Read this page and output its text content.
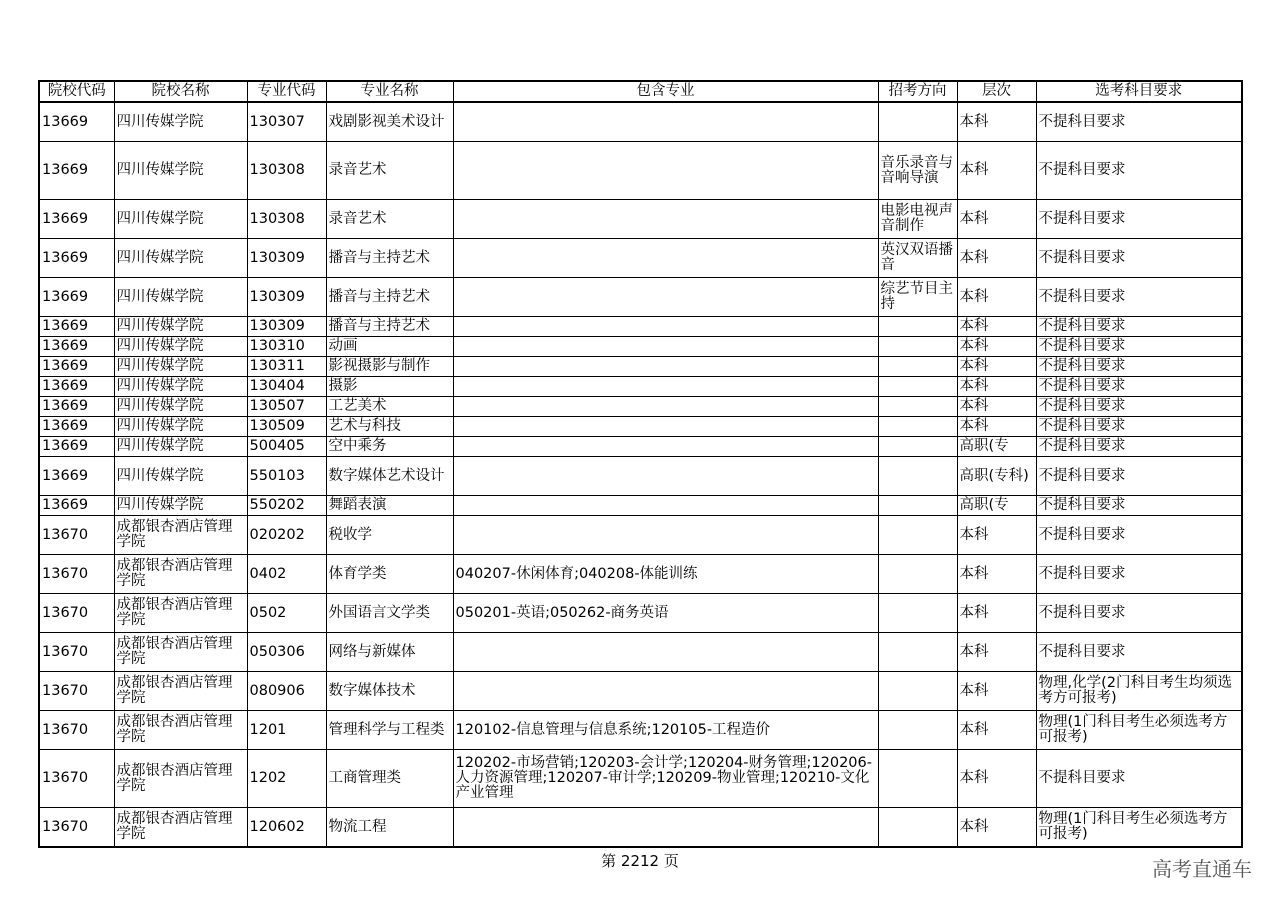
院校代码	院校名称	专业代码	专业名称	包含专业	招考方向	层次	选考科目要求
13669	四川传媒学院	130307	戏剧影视美术设计			本科	不提科目要求
13669	四川传媒学院	130308	录音艺术		音乐录音与音响导演	本科	不提科目要求
13669	四川传媒学院	130308	录音艺术		电影电视声音制作	本科	不提科目要求
13669	四川传媒学院	130309	播音与主持艺术		英汉双语播音	本科	不提科目要求
13669	四川传媒学院	130309	播音与主持艺术		综艺节目主持	本科	不提科目要求
13669	四川传媒学院	130309	播音与主持艺术			本科	不提科目要求
13669	四川传媒学院	130310	动画			本科	不提科目要求
13669	四川传媒学院	130311	影视摄影与制作			本科	不提科目要求
13669	四川传媒学院	130404	摄影			本科	不提科目要求
13669	四川传媒学院	130507	工艺美术			本科	不提科目要求
13669	四川传媒学院	130509	艺术与科技			本科	不提科目要求
13669	四川传媒学院	500405	空中乘务			高职(专	不提科目要求
13669	四川传媒学院	550103	数字媒体艺术设计			高职(专科)	不提科目要求
13669	四川传媒学院	550202	舞蹈表演			高职(专	不提科目要求
13670	成都银杏酒店管理学院	020202	税收学			本科	不提科目要求
13670	成都银杏酒店管理学院	0402	体育学类	040207-休闲体育;040208-体能训练		本科	不提科目要求
13670	成都银杏酒店管理学院	0502	外国语言文学类	050201-英语;050262-商务英语		本科	不提科目要求
13670	成都银杏酒店管理学院	050306	网络与新媒体			本科	不提科目要求
13670	成都银杏酒店管理学院	080906	数字媒体技术			本科	物理,化学(2门科目考生均须选考方可报考)
13670	成都银杏酒店管理学院	1201	管理科学与工程类	120102-信息管理与信息系统;120105-工程造价		本科	物理(1门科目考生必须选考方可报考)
13670	成都银杏酒店管理学院	1202	工商管理类	120202-市场营销;120203-会计学;120204-财务管理;120206-人力资源管理;120207-审计学;120209-物业管理;120210-文化产业管理		本科	不提科目要求
13670	成都银杏酒店管理学院	120602	物流工程			本科	物理(1门科目考生必须选考方可报考)
第 2212 页	高考直通车
